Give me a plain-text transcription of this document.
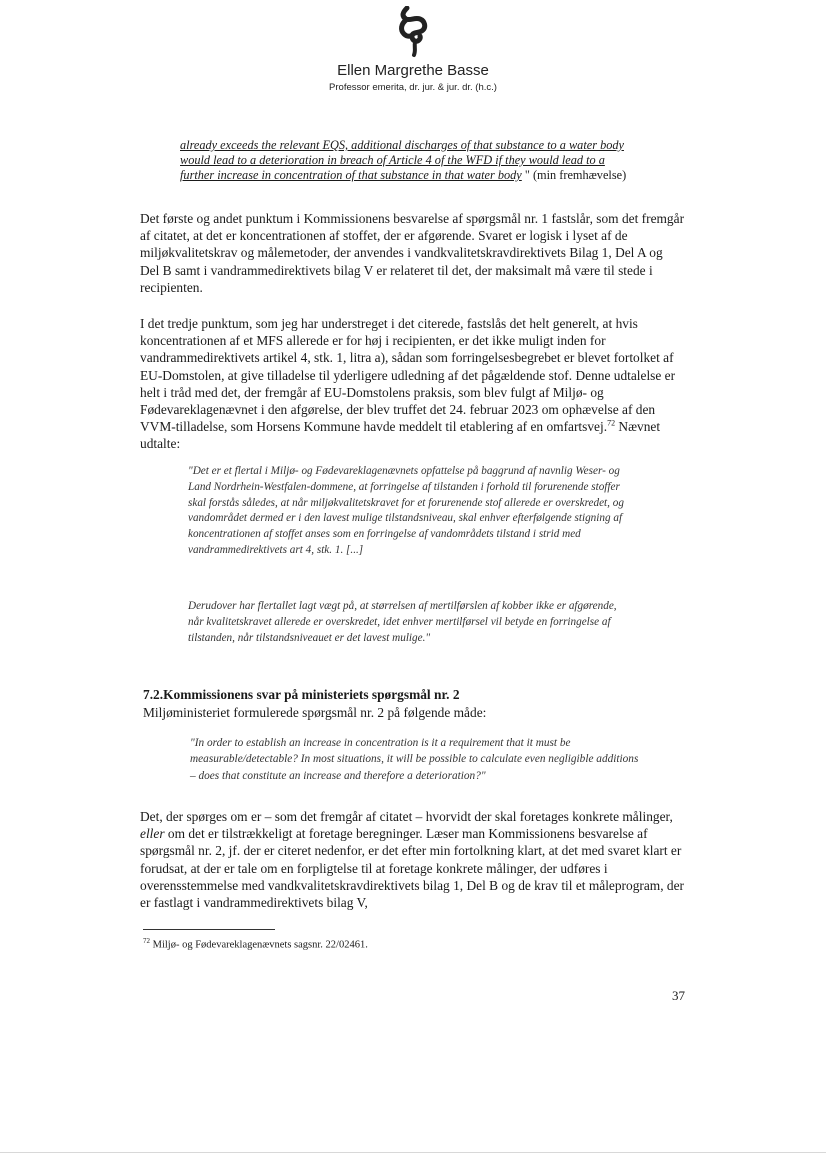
Ellen Margrethe Basse
Professor emerita, dr. jur. & jur. dr. (h.c.)
already exceeds the relevant EQS, additional discharges of that substance to a water body would lead to a deterioration in breach of Article 4 of the WFD if they would lead to a further increase in concentration of that substance in that water body " (min fremhævelse)
Det første og andet punktum i Kommissionens besvarelse af spørgsmål nr. 1 fastslår, som det fremgår af citatet, at det er koncentrationen af stoffet, der er afgørende. Svaret er logisk i lyset af de miljøkvalitetskrav og målemetoder, der anvendes i vandkvalitetskravdirektivets Bilag 1, Del A og Del B samt i vandrammedirektivets bilag V er relateret til det, der maksimalt må være til stede i recipienten.
I det tredje punktum, som jeg har understreget i det citerede, fastslås det helt generelt, at hvis koncentrationen af et MFS allerede er for høj i recipienten, er det ikke muligt inden for vandrammedirektivets artikel 4, stk. 1, litra a), sådan som forringelsesbegrebet er blevet fortolket af EU-Domstolen, at give tilladelse til yderligere udledning af det pågældende stof. Denne udtalelse er helt i tråd med det, der fremgår af EU-Domstolens praksis, som blev fulgt af Miljø- og Fødevareklagenævnet i den afgørelse, der blev truffet det 24. februar 2023 om ophævelse af den VVM-tilladelse, som Horsens Kommune havde meddelt til etablering af en omfartsvej.$^{72}$ Nævnet udtalte:
"Det er et flertal i Miljø- og Fødevareklagenævnets opfattelse på baggrund af navnlig Weser- og Land Nordrhein-Westfalen-dommene, at forringelse af tilstanden i forhold til forurenende stoffer skal forstås således, at når miljøkvalitetskravet for et forurenende stof allerede er overskredet, og vandområdet dermed er i den lavest mulige tilstandsniveau, skal enhver efterfølgende stigning af koncentrationen af stoffet anses som en forringelse af vandområdets tilstand i strid med vandrammedirektivets art 4, stk. 1. [...]
Derudover har flertallet lagt vægt på, at størrelsen af mertilførslen af kobber ikke er afgørende, når kvalitetskravet allerede er overskredet, idet enhver mertilførsel vil betyde en forringelse af tilstanden, når tilstandsniveauet er det lavest mulige."
7.2.Kommissionens svar på ministeriets spørgsmål nr. 2
Miljøministeriet formulerede spørgsmål nr. 2 på følgende måde:
"In order to establish an increase in concentration is it a requirement that it must be measurable/detectable? In most situations, it will be possible to calculate even negligible additions – does that constitute an increase and therefore a deterioration?"
Det, der spørges om er – som det fremgår af citatet – hvorvidt der skal foretages konkrete målinger, eller om det er tilstrækkeligt at foretage beregninger. Læser man Kommissionens besvarelse af spørgsmål nr. 2, jf. der er citeret nedenfor, er det efter min fortolkning klart, at det med svaret klart er forudsat, at der er tale om en forpligtelse til at foretage konkrete målinger, der udføres i overensstemmelse med vandkvalitetskravdirektivets bilag 1, Del B og de krav til et måleprogram, der er fastlagt i vandrammedirektivets bilag V,
$^{72}$ Miljø- og Fødevareklagenævnets sagsnr. 22/02461.
37
